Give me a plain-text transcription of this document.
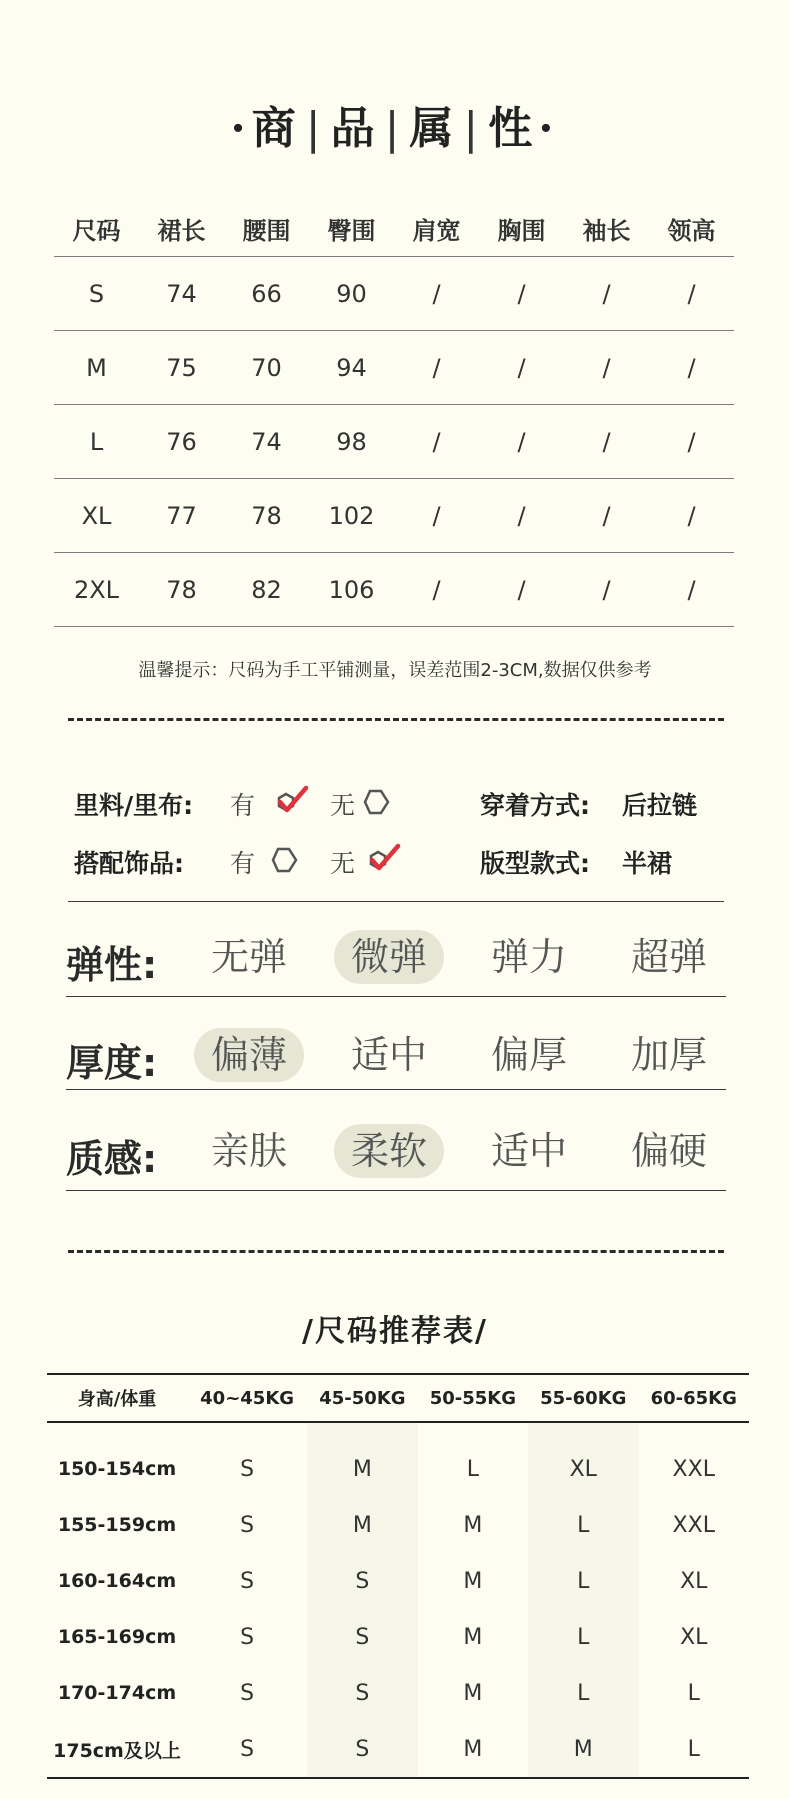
·商|品|属|性·
尺码	裙长	腰围	臀围	肩宽	胸围	袖长	领高
S	74	66	90	/	/	/	/
M	75	70	94	/	/	/	/
L	76	74	98	/	/	/	/
XL	77	78	102	/	/	/	/
2XL	78	82	106	/	/	/	/
温馨提示：尺码为手工平铺测量，误差范围2-3CM,数据仅供参考
里料/里布: 有	无
搭配饰品: 有	无
穿着方式: 后拉链
版型款式: 半裙
弹性:	无弹	微弹	弹力	超弹
厚度:	偏薄	适中	偏厚	加厚
质感:	亲肤	柔软	适中	偏硬
/尺码推荐表/
身高/体重	40~45KG	45-50KG	50-55KG	55-60KG	60-65KG
150-154cm	S	M	L	XL	XXL
155-159cm	S	M	M	L	XXL
160-164cm	S	S	M	L	XL
165-169cm	S	S	M	L	XL
170-174cm	S	S	M	L	L
175cm及以上	S	S	M	M	L
